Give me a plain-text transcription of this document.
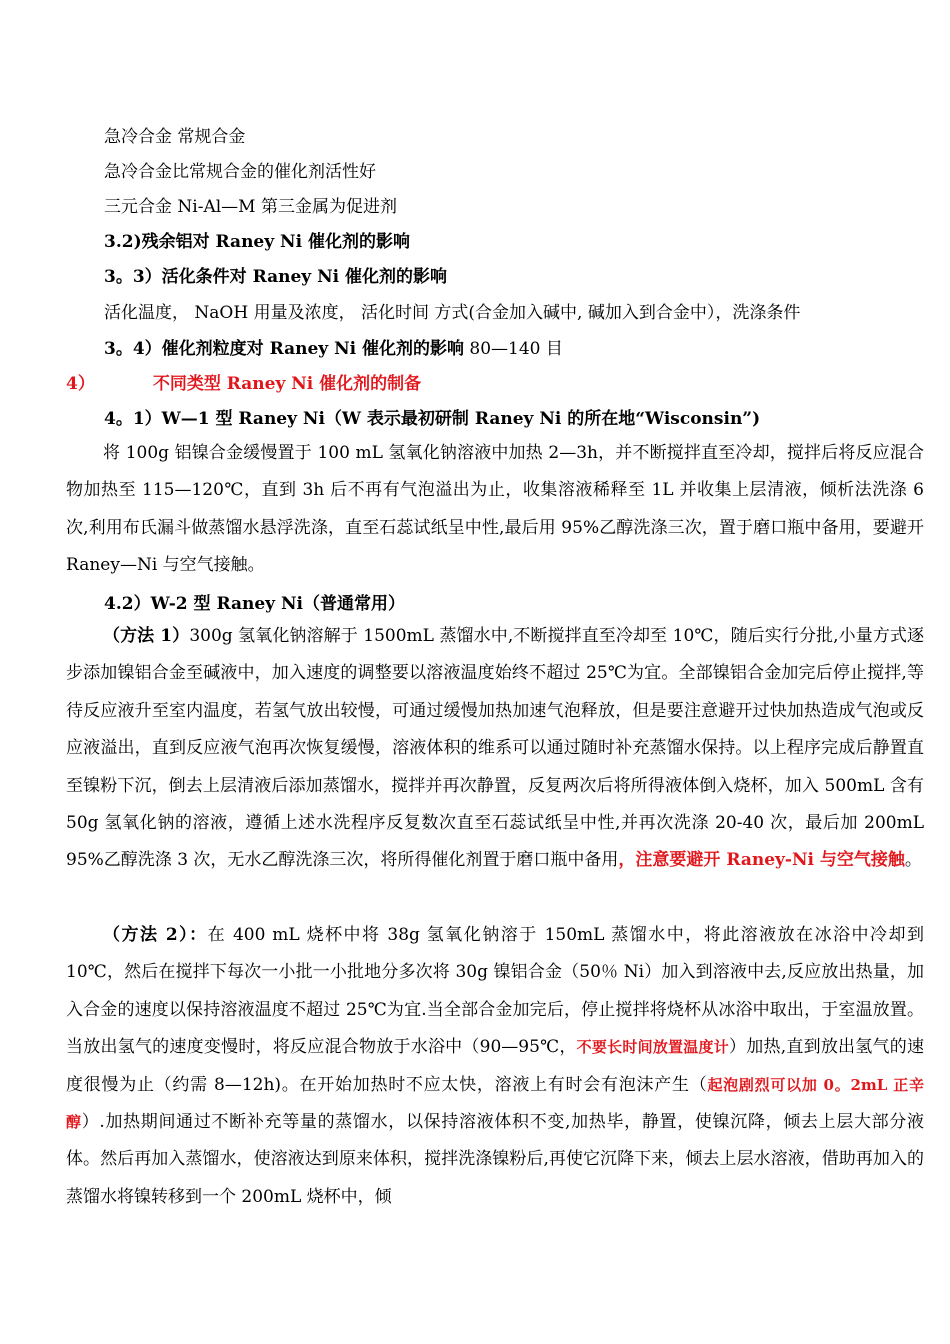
急冷合金 常规合金
急冷合金比常规合金的催化剂活性好
三元合金 Ni-Al—M 第三金属为促进剂
3.2)残余铝对 Raney Ni 催化剂的影响
3。3）活化条件对 Raney Ni 催化剂的影响
活化温度， NaOH 用量及浓度， 活化时间 方式(合金加入碱中, 碱加入到合金中），洗涤条件
3。4）催化剂粒度对 Raney Ni 催化剂的影响 80—140 目
4）	不同类型 Raney Ni 催化剂的制备
4。1）W—1 型 Raney Ni（W 表示最初研制 Raney Ni 的所在地“Wisconsin”)
将 100g 铝镍合金缓慢置于 100 mL 氢氧化钠溶液中加热 2—3h，并不断搅拌直至冷却，搅拌后将反应混合物加热至 115—120℃，直到 3h 后不再有气泡溢出为止，收集溶液稀释至 1L 并收集上层清液，倾析法洗涤 6 次,利用布氏漏斗做蒸馏水悬浮洗涤，直至石蕊试纸呈中性,最后用 95%乙醇洗涤三次，置于磨口瓶中备用，要避开 Raney—Ni 与空气接触。
4.2）W-2 型 Raney Ni（普通常用）
（方法 1）300g 氢氧化钠溶解于 1500mL 蒸馏水中,不断搅拌直至冷却至 10℃，随后实行分批,小量方式逐步添加镍铝合金至碱液中，加入速度的调整要以溶液温度始终不超过 25℃为宜。全部镍铝合金加完后停止搅拌,等待反应液升至室内温度，若氢气放出较慢，可通过缓慢加热加速气泡释放，但是要注意避开过快加热造成气泡或反应液溢出，直到反应液气泡再次恢复缓慢，溶液体积的维系可以通过随时补充蒸馏水保持。以上程序完成后静置直至镍粉下沉，倒去上层清液后添加蒸馏水，搅拌并再次静置，反复两次后将所得液体倒入烧杯，加入 500mL 含有 50g 氢氧化钠的溶液，遵循上述水洗程序反复数次直至石蕊试纸呈中性,并再次洗涤 20-40 次，最后加 200mL 95%乙醇洗涤 3 次，无水乙醇洗涤三次，将所得催化剂置于磨口瓶中备用，注意要避开 Raney-Ni 与空气接触。
（方法 2）：在 400 mL 烧杯中将 38g 氢氧化钠溶于 150mL 蒸馏水中，将此溶液放在冰浴中冷却到 10℃，然后在搅拌下每次一小批一小批地分多次将 30g 镍铝合金（50％ Ni）加入到溶液中去,反应放出热量，加入合金的速度以保持溶液温度不超过 25℃为宜.当全部合金加完后，停止搅拌将烧杯从冰浴中取出，于室温放置。当放出氢气的速度变慢时，将反应混合物放于水浴中（90—95℃，不要长时间放置温度计）加热,直到放出氢气的速度很慢为止（约需 8—12h)。在开始加热时不应太快，溶液上有时会有泡沫产生（起泡剧烈可以加 0。2mL 正辛醇）.加热期间通过不断补充等量的蒸馏水，以保持溶液体积不变,加热毕，静置，使镍沉降，倾去上层大部分液体。然后再加入蒸馏水，使溶液达到原来体积，搅拌洗涤镍粉后,再使它沉降下来，倾去上层水溶液，借助再加入的蒸馏水将镍转移到一个 200mL 烧杯中，倾
